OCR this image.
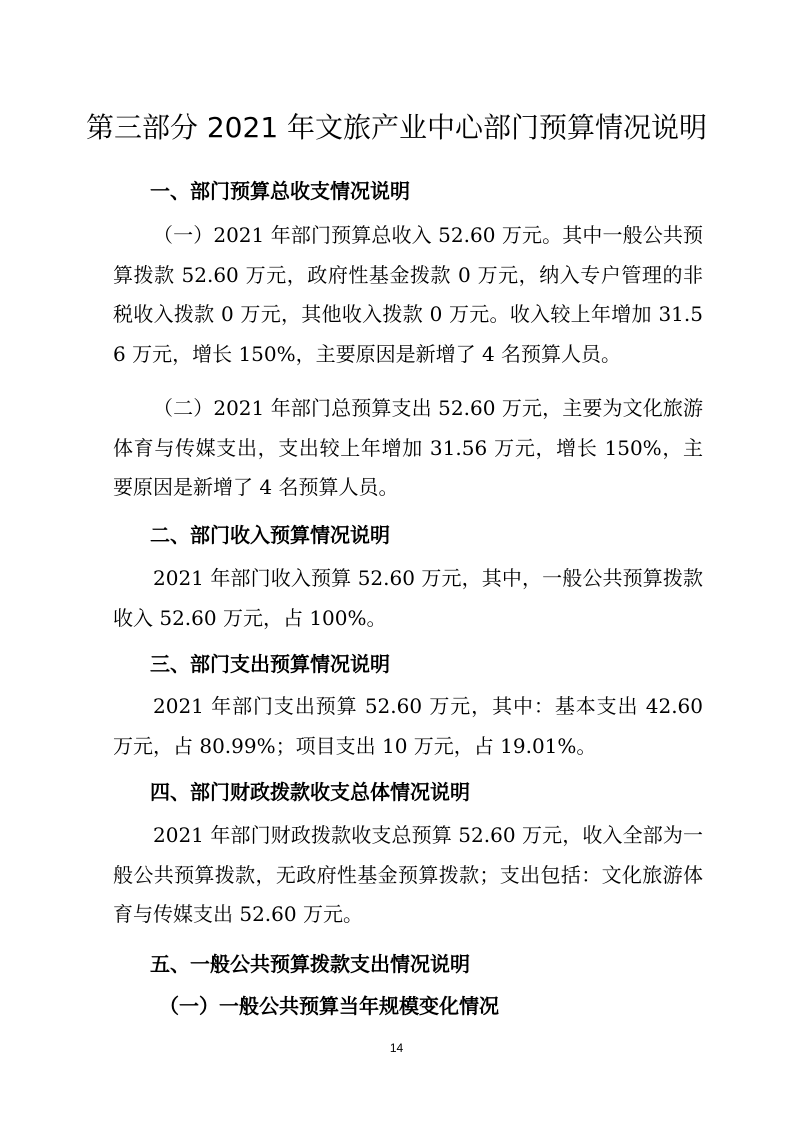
第三部分 2021 年文旅产业中心部门预算情况说明
一、部门预算总收支情况说明
（一）2021 年部门预算总收入 52.60 万元。其中一般公共预算拨款 52.60 万元，政府性基金拨款 0 万元，纳入专户管理的非税收入拨款 0 万元，其他收入拨款 0 万元。收入较上年增加 31.56 万元，增长 150%，主要原因是新增了 4 名预算人员。
（二）2021 年部门总预算支出 52.60 万元，主要为文化旅游体育与传媒支出，支出较上年增加 31.56 万元，增长 150%，主要原因是新增了 4 名预算人员。
二、部门收入预算情况说明
2021 年部门收入预算 52.60 万元，其中，一般公共预算拨款收入 52.60 万元，占 100%。
三、部门支出预算情况说明
2021 年部门支出预算 52.60 万元，其中：基本支出 42.60 万元，占 80.99%；项目支出 10 万元，占 19.01%。
四、部门财政拨款收支总体情况说明
2021 年部门财政拨款收支总预算 52.60 万元，收入全部为一般公共预算拨款，无政府性基金预算拨款；支出包括：文化旅游体育与传媒支出 52.60 万元。
五、一般公共预算拨款支出情况说明
（一）一般公共预算当年规模变化情况
14
